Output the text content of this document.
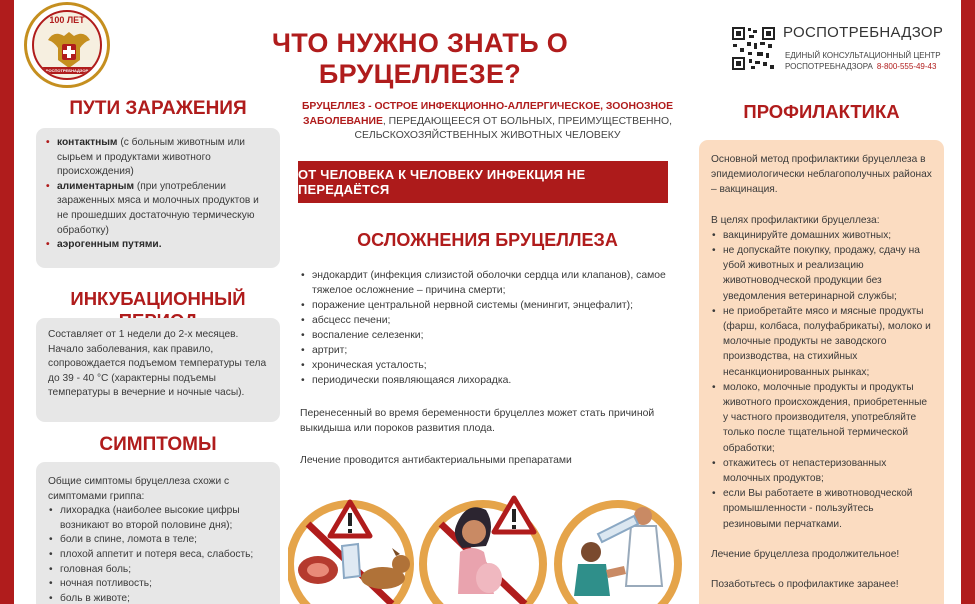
100 ЛЕТ
РОСПОТРЕБНАДЗОР
ЧТО НУЖНО ЗНАТЬ О БРУЦЕЛЛЕЗЕ?
РОСПОТРЕБНАДЗОР
ЕДИНЫЙ КОНСУЛЬТАЦИОННЫЙ ЦЕНТР
РОСПОТРЕБНАДЗОРА 8-800-555-49-43
ПУТИ ЗАРАЖЕНИЯ
• контактным (с больным животным или сырьем и продуктами животного происхождения)
• алиментарным (при употреблении зараженных мяса и молочных продуктов и не прошедших достаточную термическую обработку)
• аэрогенным путями.
ИНКУБАЦИОННЫЙ
Составляет от 1 недели до 2-х месяцев. Начало заболевания, как правило, сопровождается подъемом температуры тела до 39 - 40 °С (характерны подъемы температуры в вечерние и ночные часы).
СИМПТОМЫ
Общие симптомы бруцеллеза схожи с симптомами гриппа:
• лихорадка (наиболее высокие цифры возникают во второй половине дня);
• боли в спине, ломота в теле;
• плохой аппетит и потеря веса, слабость;
• головная боль;
• ночная потливость;
• боль в животе;
БРУЦЕЛЛЕЗ - ОСТРОЕ ИНФЕКЦИОННО-АЛЛЕРГИЧЕСКОЕ, ЗООНОЗНОЕ ЗАБОЛЕВАНИЕ, ПЕРЕДАЮЩЕЕСЯ ОТ БОЛЬНЫХ, ПРЕИМУЩЕСТВЕННО, СЕЛЬСКОХОЗЯЙСТВЕННЫХ ЖИВОТНЫХ ЧЕЛОВЕКУ
ОТ ЧЕЛОВЕКА К ЧЕЛОВЕКУ ИНФЕКЦИЯ НЕ ПЕРЕДАЁТСЯ
ОСЛОЖНЕНИЯ БРУЦЕЛЛЕЗА
• эндокардит (инфекция слизистой оболочки сердца или клапанов), самое тяжелое осложнение – причина смерти;
• поражение центральной нервной системы (менингит, энцефалит);
• абсцесс печени;
• воспаление селезенки;
• артрит;
• хроническая усталость;
• периодически появляющаяся лихорадка.
Перенесенный во время беременности бруцеллез может стать причиной выкидыша или пороков развития плода.
Лечение проводится антибактериальными препаратами
ПРОФИЛАКТИКА
Основной метод профилактики бруцеллеза в эпидемиологически неблагополучных районах – вакцинация.
В целях профилактики бруцеллеза:
• вакцинируйте домашних животных;
• не допускайте покупку, продажу, сдачу на убой животных и реализацию животноводческой продукции без уведомления ветеринарной службы;
• не приобретайте мясо и мясные продукты (фарш, колбаса, полуфабрикаты), молоко и молочные продукты не заводского производства, на стихийных несанкционированных рынках;
• молоко, молочные продукты и продукты животного происхождения, приобретенные у частного производителя, употребляйте только после тщательной термической обработки;
• откажитесь от непастеризованных молочных продуктов;
• если Вы работаете в животноводческой промышленности - пользуйтесь резиновыми перчатками.
Лечение бруцеллеза продолжительное!
Позаботьтесь о профилактике заранее!
